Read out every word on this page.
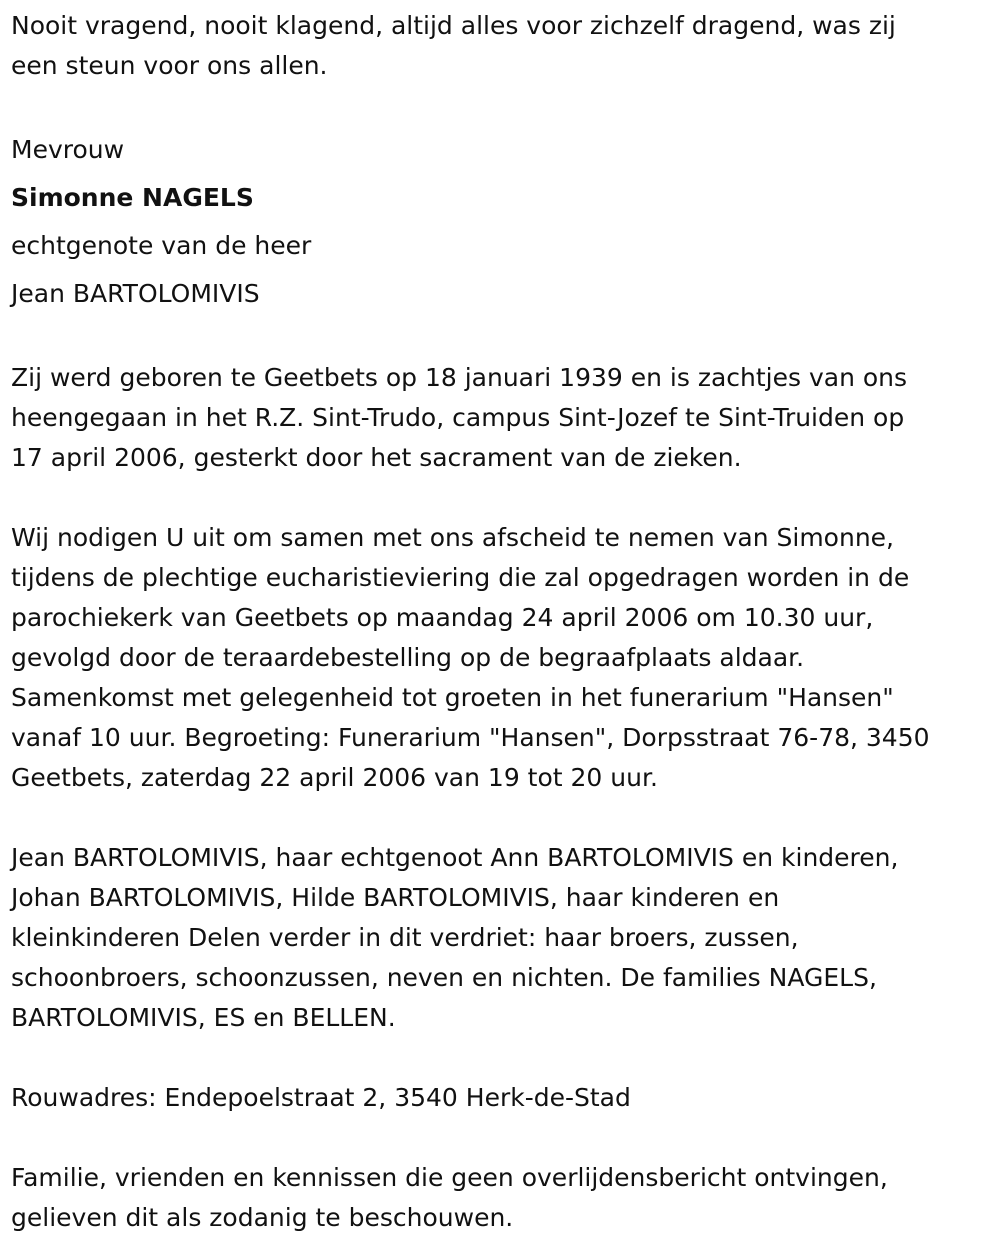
Nooit vragend, nooit klagend, altijd alles voor zichzelf dragend, was zij
een steun voor ons allen.

Mevrouw

Simonne NAGELS

echtgenote van de heer

Jean BARTOLOMIVIS

Zij werd geboren te Geetbets op 18 januari 1939 en is zachtjes van ons
heengegaan in het R.Z. Sint-Trudo, campus Sint-Jozef te Sint-Truiden op
17 april 2006, gesterkt door het sacrament van de zieken.

Wij nodigen U uit om samen met ons afscheid te nemen van Simonne,
tijdens de plechtige eucharistieviering die zal opgedragen worden in de
parochiekerk van Geetbets op maandag 24 april 2006 om 10.30 uur,
gevolgd door de teraardebestelling op de begraafplaats aldaar.
Samenkomst met gelegenheid tot groeten in het funerarium "Hansen"
vanaf 10 uur. Begroeting: Funerarium "Hansen", Dorpsstraat 76-78, 3450
Geetbets, zaterdag 22 april 2006 van 19 tot 20 uur.

Jean BARTOLOMIVIS, haar echtgenoot Ann BARTOLOMIVIS en kinderen,
Johan BARTOLOMIVIS, Hilde BARTOLOMIVIS, haar kinderen en
kleinkinderen Delen verder in dit verdriet: haar broers, zussen,
schoonbroers, schoonzussen, neven en nichten. De families NAGELS,
BARTOLOMIVIS, ES en BELLEN.

Rouwadres: Endepoelstraat 2, 3540 Herk-de-Stad

Familie, vrienden en kennissen die geen overlijdensbericht ontvingen,
gelieven dit als zodanig te beschouwen.
